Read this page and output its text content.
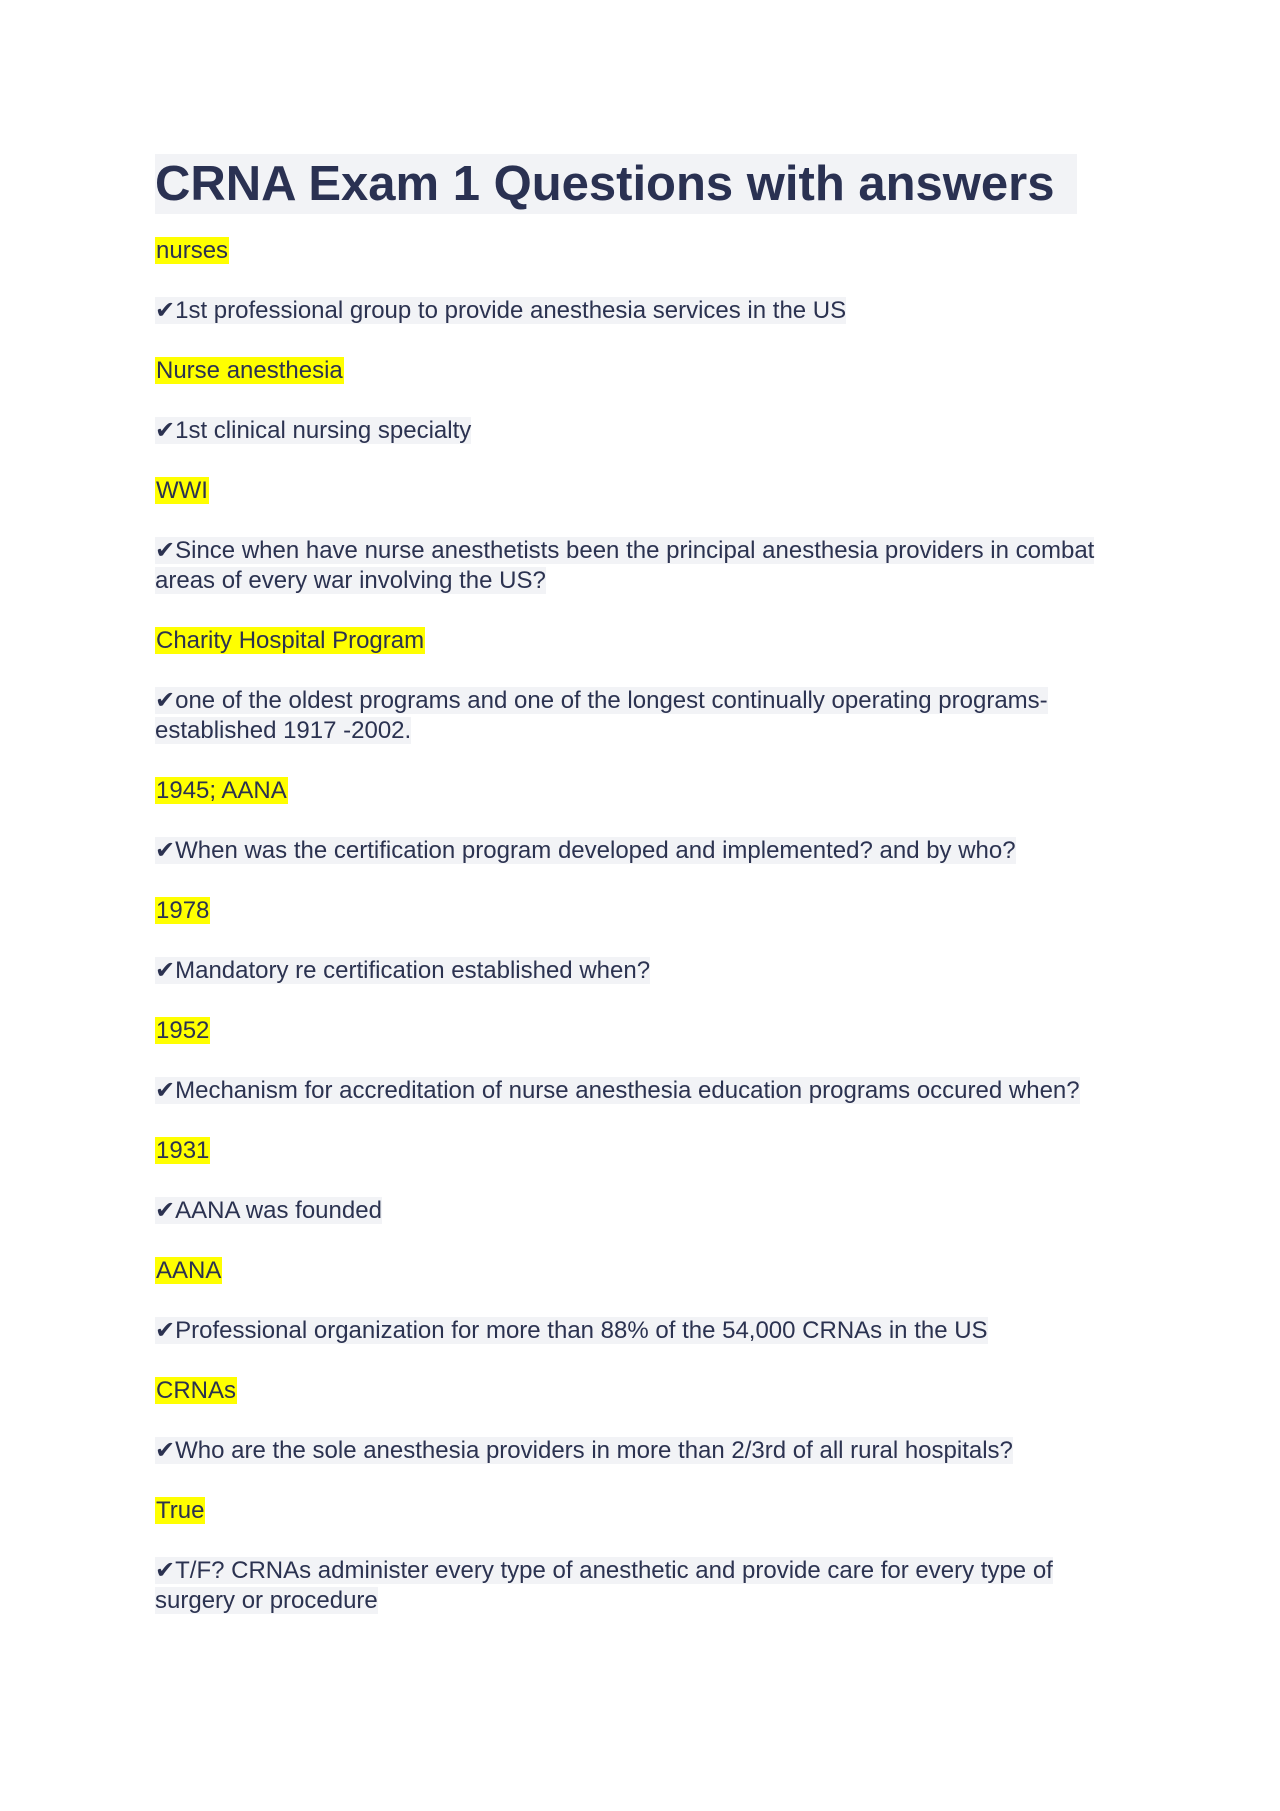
CRNA Exam 1 Questions with answers
nurses
✔1st professional group to provide anesthesia services in the US
Nurse anesthesia
✔1st clinical nursing specialty
WWI
✔Since when have nurse anesthetists been the principal anesthesia providers in combat areas of every war involving the US?
Charity Hospital Program
✔one of the oldest programs and one of the longest continually operating programs- established 1917 -2002.
1945; AANA
✔When was the certification program developed and implemented? and by who?
1978
✔Mandatory re certification established when?
1952
✔Mechanism for accreditation of nurse anesthesia education programs occured when?
1931
✔AANA was founded
AANA
✔Professional organization for more than 88% of the 54,000 CRNAs in the US
CRNAs
✔Who are the sole anesthesia providers in more than 2/3rd of all rural hospitals?
True
✔T/F? CRNAs administer every type of anesthetic and provide care for every type of surgery or procedure
